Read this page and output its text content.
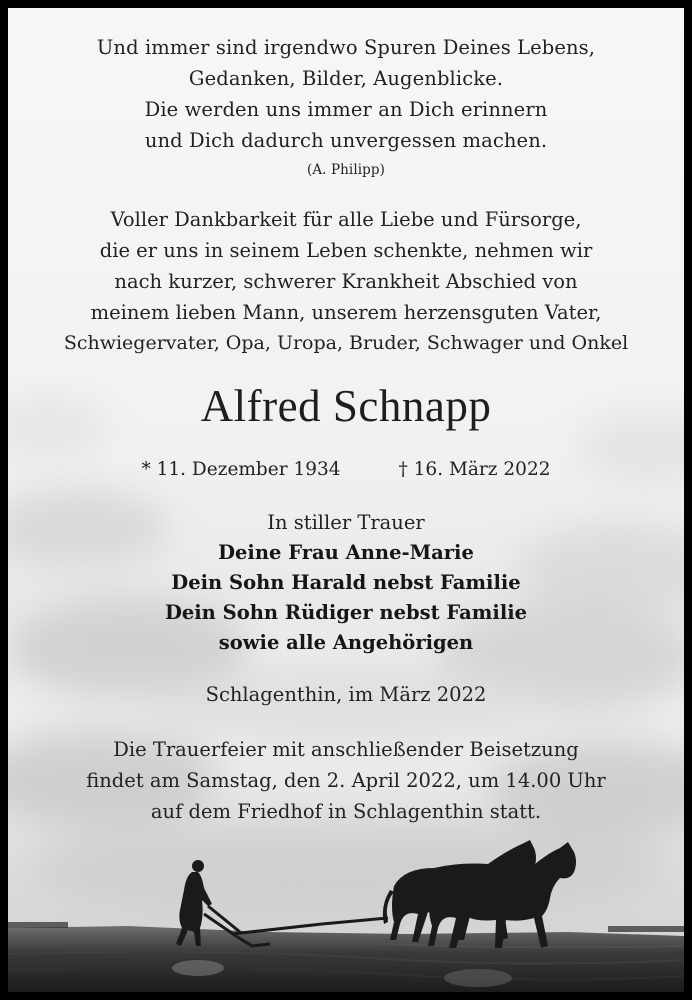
Und immer sind irgendwo Spuren Deines Lebens,
Gedanken, Bilder, Augenblicke.
Die werden uns immer an Dich erinnern
und Dich dadurch unvergessen machen.
(A. Philipp)
Voller Dankbarkeit für alle Liebe und Fürsorge,
die er uns in seinem Leben schenkte, nehmen wir
nach kurzer, schwerer Krankheit Abschied von
meinem lieben Mann, unserem herzensguten Vater,
Schwiegervater, Opa, Uropa, Bruder, Schwager und Onkel
Alfred Schnapp
* 11. Dezember 1934	† 16. März 2022
In stiller Trauer
Deine Frau Anne-Marie
Dein Sohn Harald nebst Familie
Dein Sohn Rüdiger nebst Familie
sowie alle Angehörigen
Schlagenthin, im März 2022
Die Trauerfeier mit anschließender Beisetzung
findet am Samstag, den 2. April 2022, um 14.00 Uhr
auf dem Friedhof in Schlagenthin statt.
